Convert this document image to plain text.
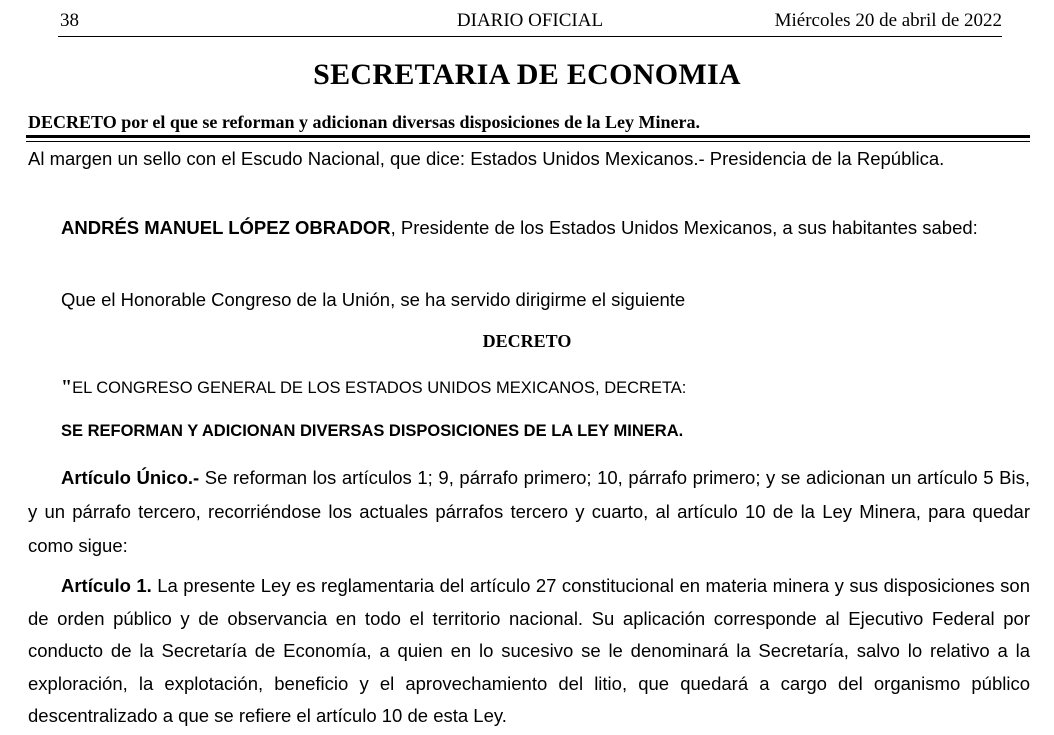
38	DIARIO OFICIAL	Miércoles 20 de abril de 2022
SECRETARIA DE ECONOMIA
DECRETO por el que se reforman y adicionan diversas disposiciones de la Ley Minera.
Al margen un sello con el Escudo Nacional, que dice: Estados Unidos Mexicanos.- Presidencia de la República.
ANDRÉS MANUEL LÓPEZ OBRADOR, Presidente de los Estados Unidos Mexicanos, a sus habitantes sabed:
Que el Honorable Congreso de la Unión, se ha servido dirigirme el siguiente
DECRETO
"EL CONGRESO GENERAL DE LOS ESTADOS UNIDOS MEXICANOS, DECRETA:
SE REFORMAN Y ADICIONAN DIVERSAS DISPOSICIONES DE LA LEY MINERA.
Artículo Único.- Se reforman los artículos 1; 9, párrafo primero; 10, párrafo primero; y se adicionan un artículo 5 Bis, y un párrafo tercero, recorriéndose los actuales párrafos tercero y cuarto, al artículo 10 de la Ley Minera, para quedar como sigue:
Artículo 1. La presente Ley es reglamentaria del artículo 27 constitucional en materia minera y sus disposiciones son de orden público y de observancia en todo el territorio nacional. Su aplicación corresponde al Ejecutivo Federal por conducto de la Secretaría de Economía, a quien en lo sucesivo se le denominará la Secretaría, salvo lo relativo a la exploración, la explotación, beneficio y el aprovechamiento del litio, que quedará a cargo del organismo público descentralizado a que se refiere el artículo 10 de esta Ley.
